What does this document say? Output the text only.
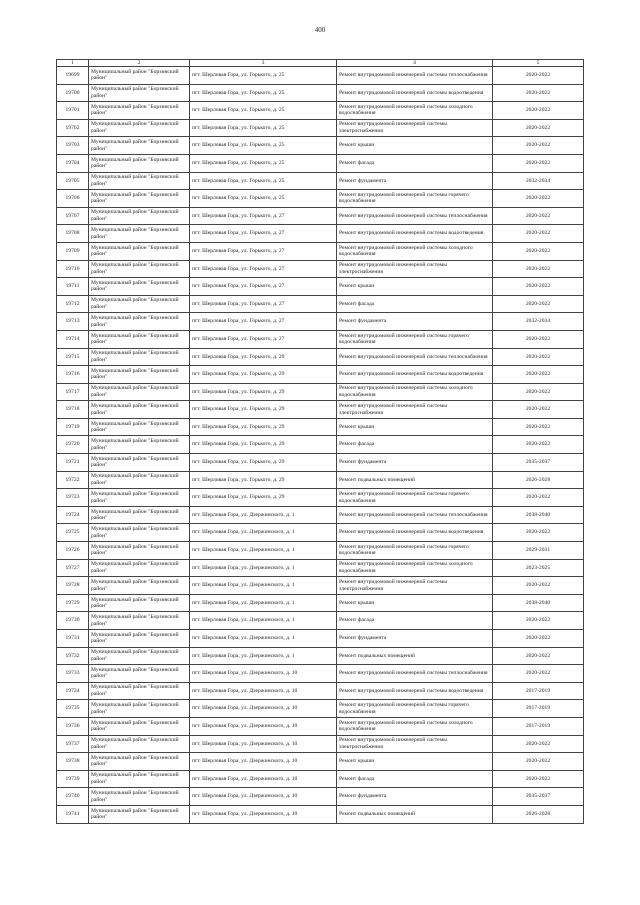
400
1	2	3	4	5
19699	Муниципальный район "Борзинский район"	пгт. Шерловая Гора, ул. Горького, д. 25	Ремонт внутридомовой инженерной системы теплоснабжения	2020-2022
19700	Муниципальный район "Борзинский район"	пгт. Шерловая Гора, ул. Горького, д. 25	Ремонт внутридомовой инженерной системы водоотведения	2020-2022
19701	Муниципальный район "Борзинский район"	пгт. Шерловая Гора, ул. Горького, д. 25	Ремонт внутридомовой инженерной системы холодного водоснабжения	2020-2022
19702	Муниципальный район "Борзинский район"	пгт. Шерловая Гора, ул. Горького, д. 25	Ремонт внутридомовой инженерной системы электроснабжения	2020-2022
19703	Муниципальный район "Борзинский район"	пгт. Шерловая Гора, ул. Горького, д. 25	Ремонт крыши	2020-2022
19704	Муниципальный район "Борзинский район"	пгт. Шерловая Гора, ул. Горького, д. 25	Ремонт фасада	2020-2022
19705	Муниципальный район "Борзинский район"	пгт. Шерловая Гора, ул. Горького, д. 25	Ремонт фундамента	2032-2034
19706	Муниципальный район "Борзинский район"	пгт. Шерловая Гора, ул. Горького, д. 25	Ремонт внутридомовой инженерной системы горячего водоснабжения	2020-2022
19707	Муниципальный район "Борзинский район"	пгт. Шерловая Гора, ул. Горького, д. 27	Ремонт внутридомовой инженерной системы теплоснабжения	2020-2022
19708	Муниципальный район "Борзинский район"	пгт. Шерловая Гора, ул. Горького, д. 27	Ремонт внутридомовой инженерной системы водоотведения	2020-2022
19709	Муниципальный район "Борзинский район"	пгт. Шерловая Гора, ул. Горького, д. 27	Ремонт внутридомовой инженерной системы холодного водоснабжения	2020-2022
19710	Муниципальный район "Борзинский район"	пгт. Шерловая Гора, ул. Горького, д. 27	Ремонт внутридомовой инженерной системы электроснабжения	2020-2022
19711	Муниципальный район "Борзинский район"	пгт. Шерловая Гора, ул. Горького, д. 27	Ремонт крыши	2020-2022
19712	Муниципальный район "Борзинский район"	пгт. Шерловая Гора, ул. Горького, д. 27	Ремонт фасада	2020-2022
19713	Муниципальный район "Борзинский район"	пгт. Шерловая Гора, ул. Горького, д. 27	Ремонт фундамента	2032-2034
19714	Муниципальный район "Борзинский район"	пгт. Шерловая Гора, ул. Горького, д. 27	Ремонт внутридомовой инженерной системы горячего водоснабжения	2020-2022
19715	Муниципальный район "Борзинский район"	пгт. Шерловая Гора, ул. Горького, д. 29	Ремонт внутридомовой инженерной системы теплоснабжения	2020-2022
19716	Муниципальный район "Борзинский район"	пгт. Шерловая Гора, ул. Горького, д. 29	Ремонт внутридомовой инженерной системы водоотведения	2020-2022
19717	Муниципальный район "Борзинский район"	пгт. Шерловая Гора, ул. Горького, д. 29	Ремонт внутридомовой инженерной системы холодного водоснабжения	2020-2022
19718	Муниципальный район "Борзинский район"	пгт. Шерловая Гора, ул. Горького, д. 29	Ремонт внутридомовой инженерной системы электроснабжения	2020-2022
19719	Муниципальный район "Борзинский район"	пгт. Шерловая Гора, ул. Горького, д. 29	Ремонт крыши	2020-2022
19720	Муниципальный район "Борзинский район"	пгт. Шерловая Гора, ул. Горького, д. 29	Ремонт фасада	2020-2022
19721	Муниципальный район "Борзинский район"	пгт. Шерловая Гора, ул. Горького, д. 29	Ремонт фундамента	2035-2037
19722	Муниципальный район "Борзинский район"	пгт. Шерловая Гора, ул. Горького, д. 29	Ремонт подвальных помещений	2026-2028
19723	Муниципальный район "Борзинский район"	пгт. Шерловая Гора, ул. Горького, д. 29	Ремонт внутридомовой инженерной системы горячего водоснабжения	2020-2022
19724	Муниципальный район "Борзинский район"	пгт. Шерловая Гора, ул. Дзержинского, д. 1	Ремонт внутридомовой инженерной системы теплоснабжения	2038-2040
19725	Муниципальный район "Борзинский район"	пгт. Шерловая Гора, ул. Дзержинского, д. 1	Ремонт внутридомовой инженерной системы водоотведения	2020-2022
19726	Муниципальный район "Борзинский район"	пгт. Шерловая Гора, ул. Дзержинского, д. 1	Ремонт внутридомовой инженерной системы горячего водоснабжения	2029-2031
19727	Муниципальный район "Борзинский район"	пгт. Шерловая Гора, ул. Дзержинского, д. 1	Ремонт внутридомовой инженерной системы холодного водоснабжения	2023-2025
19728	Муниципальный район "Борзинский район"	пгт. Шерловая Гора, ул. Дзержинского, д. 1	Ремонт внутридомовой инженерной системы электроснабжения	2020-2022
19729	Муниципальный район "Борзинский район"	пгт. Шерловая Гора, ул. Дзержинского, д. 1	Ремонт крыши	2038-2040
19730	Муниципальный район "Борзинский район"	пгт. Шерловая Гора, ул. Дзержинского, д. 1	Ремонт фасада	2020-2022
19731	Муниципальный район "Борзинский район"	пгт. Шерловая Гора, ул. Дзержинского, д. 1	Ремонт фундамента	2020-2022
19732	Муниципальный район "Борзинский район"	пгт. Шерловая Гора, ул. Дзержинского, д. 1	Ремонт подвальных помещений	2020-2022
19733	Муниципальный район "Борзинский район"	пгт. Шерловая Гора, ул. Дзержинского, д. 10	Ремонт внутридомовой инженерной системы теплоснабжения	2020-2022
19734	Муниципальный район "Борзинский район"	пгт. Шерловая Гора, ул. Дзержинского, д. 10	Ремонт внутридомовой инженерной системы водоотведения	2017-2019
19735	Муниципальный район "Борзинский район"	пгт. Шерловая Гора, ул. Дзержинского, д. 10	Ремонт внутридомовой инженерной системы горячего водоснабжения	2017-2019
19736	Муниципальный район "Борзинский район"	пгт. Шерловая Гора, ул. Дзержинского, д. 10	Ремонт внутридомовой инженерной системы холодного водоснабжения	2017-2019
19737	Муниципальный район "Борзинский район"	пгт. Шерловая Гора, ул. Дзержинского, д. 10	Ремонт внутридомовой инженерной системы электроснабжения	2020-2022
19738	Муниципальный район "Борзинский район"	пгт. Шерловая Гора, ул. Дзержинского, д. 10	Ремонт крыши	2020-2022
19739	Муниципальный район "Борзинский район"	пгт. Шерловая Гора, ул. Дзержинского, д. 10	Ремонт фасада	2020-2022
19740	Муниципальный район "Борзинский район"	пгт. Шерловая Гора, ул. Дзержинского, д. 10	Ремонт фундамента	2035-2037
19741	Муниципальный район "Борзинский район"	пгт. Шерловая Гора, ул. Дзержинского, д. 10	Ремонт подвальных помещений	2026-2028
